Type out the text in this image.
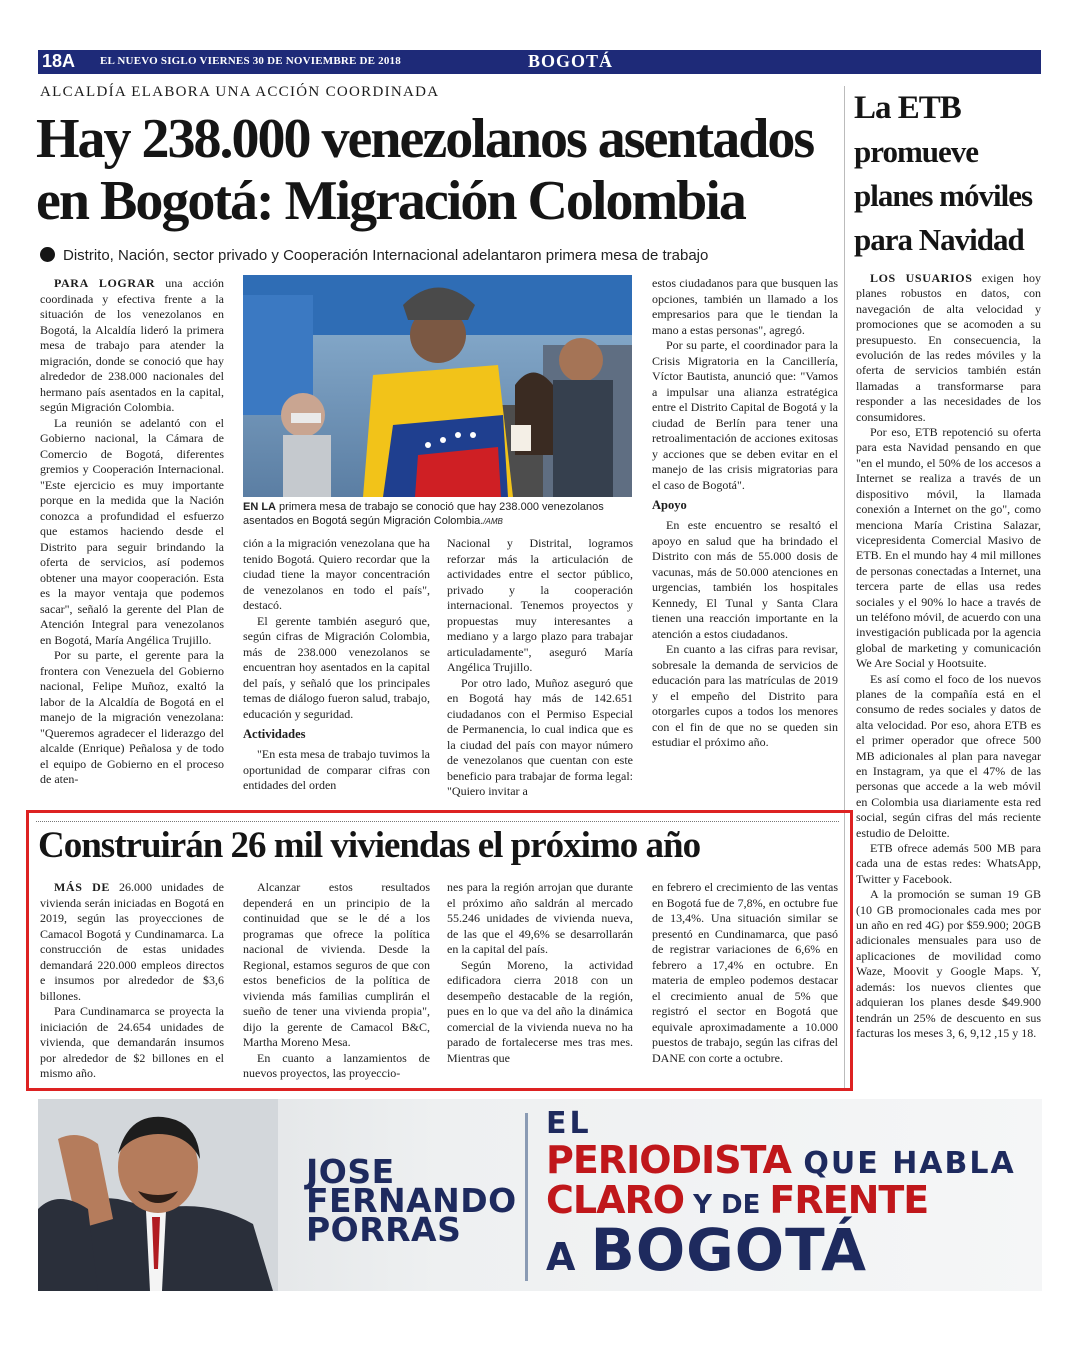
18A EL NUEVO SIGLO VIERNES 30 DE NOVIEMBRE DE 2018	BOGOTÁ
ALCALDÍA ELABORA UNA ACCIÓN COORDINADA
Hay 238.000 venezolanos asentados en Bogotá: Migración Colombia
Distrito, Nación, sector privado y Cooperación Internacional adelantaron primera mesa de trabajo

PARA LOGRAR una acción coordinada y efectiva frente a la situación de los venezolanos en Bogotá, la Alcaldía lideró la primera mesa de trabajo para atender la migración, donde se conoció que hay alrededor de 238.000 nacionales del hermano país asentados en la capital, según Migración Colombia.

La reunión se adelantó con el Gobierno nacional, la Cámara de Comercio de Bogotá, diferentes gremios y Cooperación Internacional. "Este ejercicio es muy importante porque en la medida que la Nación conozca a profundidad el esfuerzo que estamos haciendo desde el Distrito para seguir brindando la oferta de servicios, así podemos obtener una mayor cooperación. Esta es la mayor ventaja que podemos sacar", señaló la gerente del Plan de Atención Integral para venezolanos en Bogotá, María Angélica Trujillo.

Por su parte, el gerente para la frontera con Venezuela del Gobierno nacional, Felipe Muñoz, exaltó la labor de la Alcaldía de Bogotá en el manejo de la migración venezolana: "Queremos agradecer el liderazgo del alcalde (Enrique) Peñalosa y de todo el equipo de Gobierno en el proceso de aten-

EN LA primera mesa de trabajo se conoció que hay 238.000 venezolanos asentados en Bogotá según Migración Colombia./AMB

ción a la migración venezolana que ha tenido Bogotá. Quiero recordar que la ciudad tiene la mayor concentración de venezolanos en todo el país", destacó.

El gerente también aseguró que, según cifras de Migración Colombia, más de 238.000 venezolanos se encuentran hoy asentados en la capital del país, y señaló que los principales temas de diálogo fueron salud, trabajo, educación y seguridad.

Actividades

"En esta mesa de trabajo tuvimos la oportunidad de comparar cifras con entidades del orden

Nacional y Distrital, logramos reforzar más la articulación de actividades entre el sector público, privado y la cooperación internacional. Tenemos proyectos y propuestas muy interesantes a mediano y a largo plazo para trabajar articuladamente", aseguró María Angélica Trujillo.

Por otro lado, Muñoz aseguró que en Bogotá hay más de 142.651 ciudadanos con el Permiso Especial de Permanencia, lo cual indica que es la ciudad del país con mayor número de venezolanos que cuentan con este beneficio para trabajar de forma legal: "Quiero invitar a

estos ciudadanos para que busquen las opciones, también un llamado a los empresarios para que le tiendan la mano a estas personas", agregó.

Por su parte, el coordinador para la Crisis Migratoria en la Cancillería, Víctor Bautista, anunció que: "Vamos a impulsar una alianza estratégica entre el Distrito Capital de Bogotá y la ciudad de Berlín para tener una retroalimentación de acciones exitosas y acciones que se deben evitar en el manejo de las crisis migratorias para el caso de Bogotá".

Apoyo

En este encuentro se resaltó el apoyo en salud que ha brindado el Distrito con más de 55.000 dosis de vacunas, más de 50.000 atenciones en urgencias, también los hospitales Kennedy, El Tunal y Santa Clara tienen una reacción importante en la atención a estos ciudadanos.

En cuanto a las cifras para revisar, sobresale la demanda de servicios de educación para las matrículas de 2019 y el empeño del Distrito para otorgarles cupos a todos los menores con el fin de que no se queden sin estudiar el próximo año.

La ETB
promueve
planes móviles
para Navidad

LOS USUARIOS exigen hoy planes robustos en datos, con navegación de alta velocidad y promociones que se acomoden a su presupuesto. En consecuencia, la evolución de las redes móviles y la oferta de servicios también están llamadas a transformarse para responder a las necesidades de los consumidores.

Por eso, ETB repotenció su oferta para esta Navidad pensando en que "en el mundo, el 50% de los accesos a Internet se realiza a través de un dispositivo móvil, la llamada conexión a Internet on the go", como menciona María Cristina Salazar, vicepresidenta Comercial Masivo de ETB. En el mundo hay 4 mil millones de personas conectadas a Internet, una tercera parte de ellas usa redes sociales y el 90% lo hace a través de un teléfono móvil, de acuerdo con una investigación publicada por la agencia global de marketing y comunicación We Are Social y Hootsuite.

Es así como el foco de los nuevos planes de la compañía está en el consumo de redes sociales y datos de alta velocidad. Por eso, ahora ETB es el primer operador que ofrece 500 MB adicionales al plan para navegar en Instagram, ya que el 47% de las personas que accede a la web móvil en Colombia usa diariamente esta red social, según cifras del más reciente estudio de Deloitte.

ETB ofrece además 500 MB para cada una de estas redes: WhatsApp, Twitter y Facebook.

A la promoción se suman 19 GB (10 GB promocionales cada mes por un año en red 4G) por $59.900; 20GB adicionales mensuales para uso de aplicaciones de movilidad como Waze, Moovit y Google Maps. Y, además: los nuevos clientes que adquieran los planes desde $49.900 tendrán un 25% de descuento en sus facturas los meses 3, 6, 9,12 ,15 y 18.

Construirán 26 mil viviendas el próximo año

MÁS DE 26.000 unidades de vivienda serán iniciadas en Bogotá en 2019, según las proyecciones de Camacol Bogotá y Cundinamarca. La construcción de estas unidades demandará 220.000 empleos directos e insumos por alrededor de $3,6 billones.

Para Cundinamarca se proyecta la iniciación de 24.654 unidades de vivienda, que demandarán insumos por alrededor de $2 billones en el mismo año.

Alcanzar estos resultados dependerá en un principio de la continuidad que se le dé a los programas que ofrece la política nacional de vivienda. Desde la Regional, estamos seguros de que con estos beneficios de la política de vivienda más familias cumplirán el sueño de tener una vivienda propia", dijo la gerente de Camacol B&C, Martha Moreno Mesa.

En cuanto a lanzamientos de nuevos proyectos, las proyeccio-

nes para la región arrojan que durante el próximo año saldrán al mercado 55.246 unidades de vivienda nueva, de las que el 49,6% se desarrollarán en la capital del país.

Según Moreno, la actividad edificadora cierra 2018 con un desempeño destacable de la región, pues en lo que va del año la dinámica comercial de la vivienda nueva no ha parado de fortalecerse mes tras mes. Mientras que

en febrero el crecimiento de las ventas en Bogotá fue de 7,8%, en octubre fue de 13,4%. Una situación similar se presentó en Cundinamarca, que pasó de registrar variaciones de 6,6% en febrero a 17,4% en octubre. En materia de empleo podemos destacar el crecimiento anual de 5% que registró el sector en Bogotá que equivale aproximadamente a 10.000 puestos de trabajo, según las cifras del DANE con corte a octubre.

JOSE
FERNANDO
PORRAS
EL
PERIODISTA QUE HABLA
CLARO Y DE FRENTE
A BOGOTÁ
